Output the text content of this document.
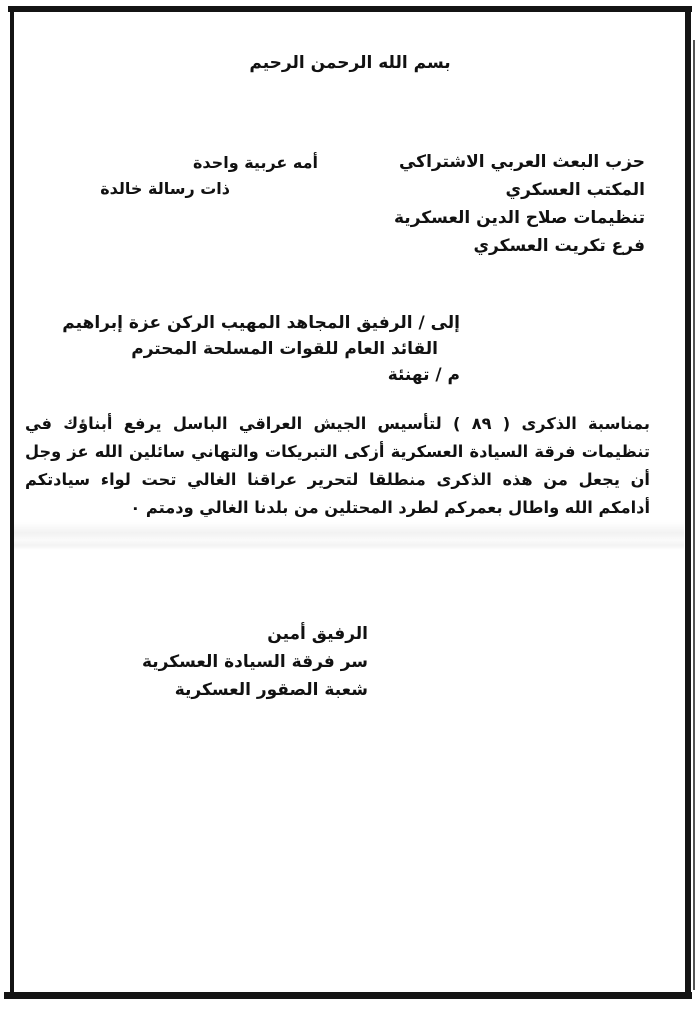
بسم الله الرحمن الرحيم
حزب البعث العربي الاشتراكي
المكتب العسكري
تنظيمات صلاح الدين العسكرية
فرع تكريت العسكري
أمه عربية واحدة
ذات رسالة خالدة
إلى / الرفيق المجاهد المهيب الركن عزة إبراهيم
القائد العام للقوات المسلحة المحترم
م / تهنئة
بمناسبة الذكرى ( ٨٩ ) لتأسيس الجيش العراقي الباسل يرفع أبناؤك في تنظيمات فرقة السيادة العسكرية أزكى التبريكات والتهاني سائلين الله عز وجل أن يجعل من هذه الذكرى منطلقا لتحرير عراقنا الغالي تحت لواء سيادتكم أدامكم الله واطال بعمركم لطرد المحتلين من بلدنا الغالي ودمتم ٠
الرفيق أمين
سر فرقة السيادة العسكرية
شعبة الصقور العسكرية
